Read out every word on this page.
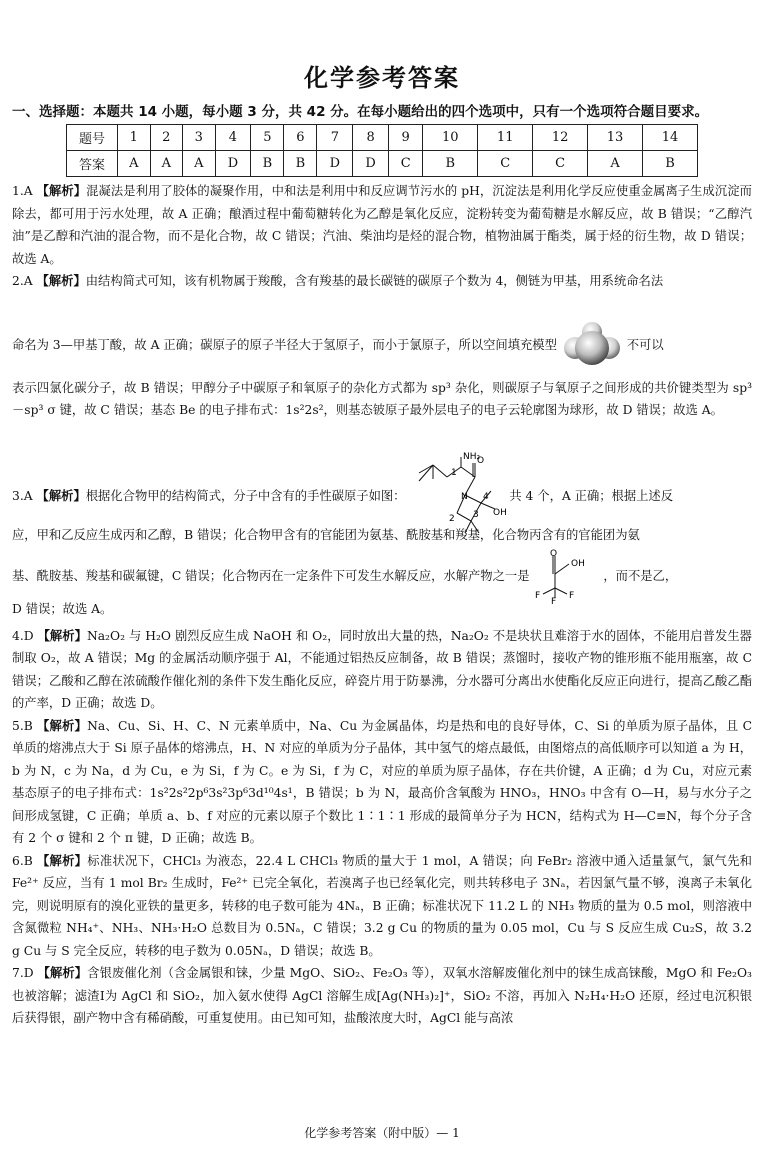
化学参考答案
一、选择题：本题共 14 小题，每小题 3 分，共 42 分。在每小题给出的四个选项中，只有一个选项符合题目要求。
题号	1	2	3	4	5	6	7	8	9	10	11	12	13	14
答案	A	A	A	D	B	B	D	D	C	B	C	C	A	B

1.A 【解析】混凝法是利用了胶体的凝聚作用，中和法是利用中和反应调节污水的 pH，沉淀法是利用化学反应使重金属离子生成沉淀而除去，都可用于污水处理，故 A 正确；酿酒过程中葡萄糖转化为乙醇是氧化反应，淀粉转变为葡萄糖是水解反应，故 B 错误；“乙醇汽油”是乙醇和汽油的混合物，而不是化合物，故 C 错误；汽油、柴油均是烃的混合物，植物油属于酯类，属于烃的衍生物，故 D 错误；故选 A。

2.A 【解析】由结构简式可知，该有机物属于羧酸，含有羧基的最长碳链的碳原子个数为 4，侧链为甲基，用系统命名法

命名为 3—甲基丁酸，故 A 正确；碳原子的原子半径大于氢原子，而小于氯原子，所以空间填充模型	不可以

表示四氯化碳分子，故 B 错误；甲醇分子中碳原子和氧原子的杂化方式都为 sp³ 杂化，则碳原子与氧原子之间形成的共价键类型为 sp³－sp³ σ 键，故 C 错误；基态 Be 的电子排布式：1s²2s²，则基态铍原子最外层电子的电子云轮廓图为球形，故 D 错误；故选 A。

3.A 【解析】根据化合物甲的结构简式，分子中含有的手性碳原子如图：
1
NH₂
N
O
OH
2 3
4 共 4 个，A 正确；根据上述反

应，甲和乙反应生成丙和乙醇，B 错误；化合物甲含有的官能团为氨基、酰胺基和羧基，化合物丙含有的官能团为氨

基、酰胺基、羧基和碳氟键，C 错误；化合物丙在一定条件下可发生水解反应，水解产物之一是
O
OH
F	F
F
，而不是乙，

D 错误；故选 A。

4.D 【解析】Na₂O₂ 与 H₂O 剧烈反应生成 NaOH 和 O₂，同时放出大量的热，Na₂O₂ 不是块状且难溶于水的固体，不能用启普发生器制取 O₂，故 A 错误；Mg 的金属活动顺序强于 Al，不能通过铝热反应制备，故 B 错误；蒸馏时，接收产物的锥形瓶不能用瓶塞，故 C 错误；乙酸和乙醇在浓硫酸作催化剂的条件下发生酯化反应，碎瓷片用于防暴沸，分水器可分离出水使酯化反应正向进行，提高乙酸乙酯的产率，D 正确；故选 D。

5.B 【解析】Na、Cu、Si、H、C、N 元素单质中，Na、Cu 为金属晶体，均是热和电的良好导体，C、Si 的单质为原子晶体，且 C 单质的熔沸点大于 Si 原子晶体的熔沸点，H、N 对应的单质为分子晶体，其中氢气的熔点最低，由图熔点的高低顺序可以知道 a 为 H，b 为 N，c 为 Na，d 为 Cu，e 为 Si，f 为 C。e 为 Si，f 为 C，对应的单质为原子晶体，存在共价键，A 正确；d 为 Cu，对应元素基态原子的电子排布式：1s²2s²2p⁶3s²3p⁶3d¹⁰4s¹，B 错误；b 为 N，最高价含氧酸为 HNO₃，HNO₃ 中含有 O—H，易与水分子之间形成氢键，C 正确；单质 a、b、f 对应的元素以原子个数比 1∶1∶1 形成的最简单分子为 HCN，结构式为 H—C≡N，每个分子含有 2 个 σ 键和 2 个 π 键，D 正确；故选 B。

6.B 【解析】标准状况下，CHCl₃ 为液态，22.4 L CHCl₃ 物质的量大于 1 mol，A 错误；向 FeBr₂ 溶液中通入适量氯气，氯气先和 Fe²⁺ 反应，当有 1 mol Br₂ 生成时，Fe²⁺ 已完全氧化，若溴离子也已经氧化完，则共转移电子 3Nₐ，若因氯气量不够，溴离子未氧化完，则说明原有的溴化亚铁的量更多，转移的电子数可能为 4Nₐ，B 正确；标准状况下 11.2 L 的 NH₃ 物质的量为 0.5 mol，则溶液中含氮微粒 NH₄⁺、NH₃、NH₃·H₂O 总数目为 0.5Nₐ，C 错误；3.2 g Cu 的物质的量为 0.05 mol，Cu 与 S 反应生成 Cu₂S，故 3.2 g Cu 与 S 完全反应，转移的电子数为 0.05Nₐ，D 错误；故选 B。

7.D 【解析】含银废催化剂（含金属银和铼，少量 MgO、SiO₂、Fe₂O₃ 等），双氧水溶解废催化剂中的铼生成高铼酸，MgO 和 Fe₂O₃ 也被溶解；滤渣Ⅰ为 AgCl 和 SiO₂，加入氨水使得 AgCl 溶解生成[Ag(NH₃)₂]⁺，SiO₂ 不溶，再加入 N₂H₄·H₂O 还原，经过电沉积银后获得银，副产物中含有稀硝酸，可重复使用。由已知可知，盐酸浓度大时，AgCl 能与高浓

化学参考答案（附中版）— 1
